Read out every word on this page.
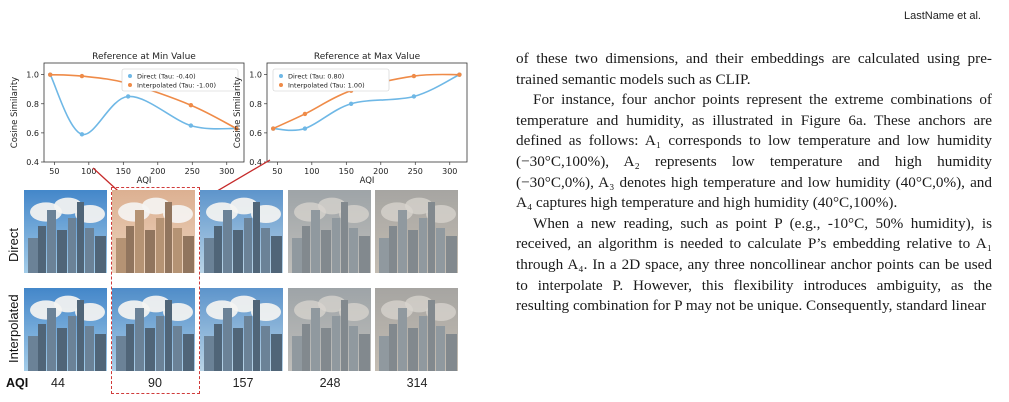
LastName et al.
Reference at Min Value
50	100 150 200 250 300
0.4
0.6
0.8
1.0
AQI
Cosine Similarity
Direct (Tau: -0.40)
Interpolated (Tau: -1.00)
Reference at Max Value
50	100 150 200 250 300
0.4
0.6
0.8
1.0
AQI
Cosine Similarity
Direct (Tau: 0.80)
Interpolated (Tau: 1.00)
Direct
Interpolated
AQI	44	90	157	248	314

of these two dimensions, and their embeddings are calculated using pre-trained semantic models such as CLIP.

For instance, four anchor points represent the extreme combinations of temperature and humidity, as illustrated in Figure 6a. These anchors are defined as follows: A₁ corresponds to low temperature and low humidity (−30°C,100%), A₂ represents low temperature and high humidity (−30°C,0%), A₃ denotes high temperature and low humidity (40°C,0%), and A₄ captures high temperature and high humidity (40°C,100%).

When a new reading, such as point P (e.g., -10°C, 50% humidity), is received, an algorithm is needed to calculate P’s embedding relative to A₁ through A₄. In a 2D space, any three noncollinear anchor points can be used to interpolate P. However, this flexibility introduces ambiguity, as the resulting combination for P may not be unique. Consequently, standard linear
